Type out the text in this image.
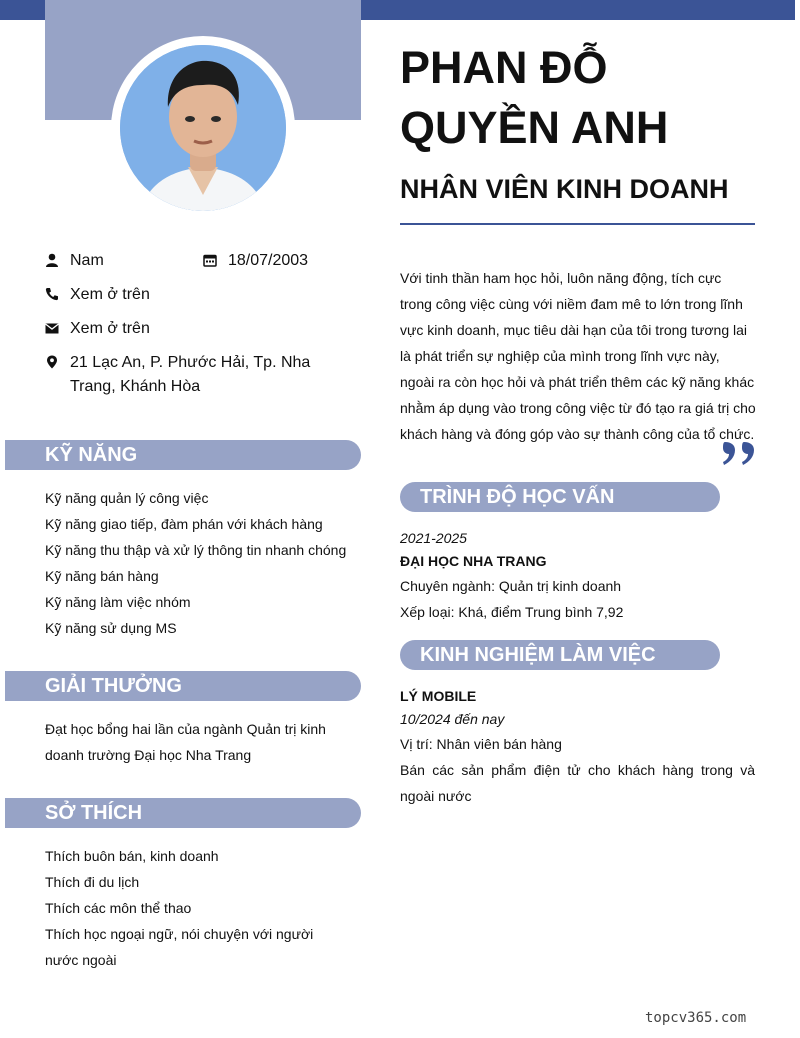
PHAN ĐỖ QUYỀN ANH
NHÂN VIÊN KINH DOANH
Nam	18/07/2003
Xem ở trên
Xem ở trên
21 Lạc An, P. Phước Hải, Tp. Nha Trang, Khánh Hòa

Với tinh thần ham học hỏi, luôn năng động, tích cực trong công việc cùng với niềm đam mê to lớn trong lĩnh vực kinh doanh, mục tiêu dài hạn của tôi trong tương lai là phát triển sự nghiệp của mình trong lĩnh vực này, ngoài ra còn học hỏi và phát triển thêm các kỹ năng khác nhằm áp dụng vào trong công việc từ đó tạo ra giá trị cho khách hàng và đóng góp vào sự thành công của tổ chức.

KỸ NĂNG
Kỹ năng quản lý công việc
Kỹ năng giao tiếp, đàm phán với khách hàng
Kỹ năng thu thập và xử lý thông tin nhanh chóng
Kỹ năng bán hàng
Kỹ năng làm việc nhóm
Kỹ năng sử dụng MS
GIẢI THƯỞNG

Đạt học bổng hai lần của ngành Quản trị kinh doanh trường Đại học Nha Trang

SỞ THÍCH
Thích buôn bán, kinh doanh
Thích đi du lịch
Thích các môn thể thao
Thích học ngoại ngữ, nói chuyện với người nước ngoài
TRÌNH ĐỘ HỌC VẤN
2021-2025
ĐẠI HỌC NHA TRANG
Chuyên ngành: Quản trị kinh doanh
Xếp loại: Khá, điểm Trung bình 7,92
KINH NGHIỆM LÀM VIỆC
LÝ MOBILE
10/2024 đến nay
Vị trí: Nhân viên bán hàng

Bán các sản phẩm điện tử cho khách hàng trong và ngoài nước

topcv365.com
